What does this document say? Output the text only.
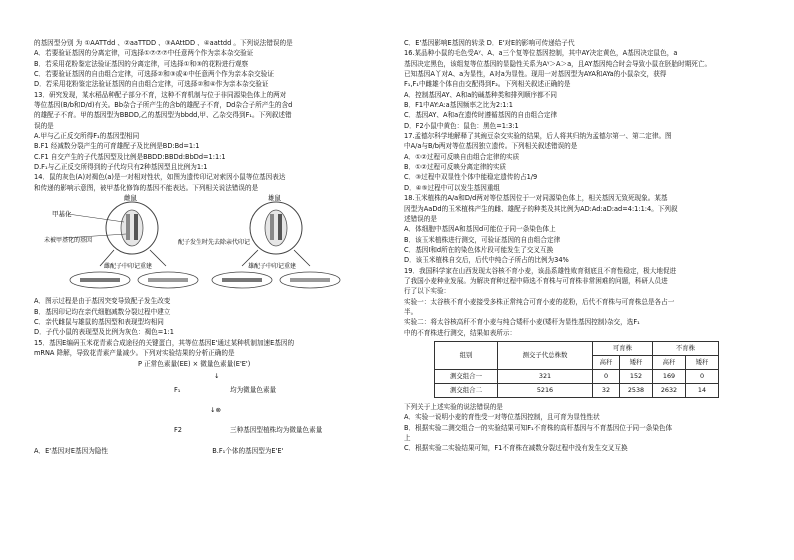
的基因型分别 为 ①AATTdd 、②aaTTDD 、③AAttDD 、④aattdd 。下列说法错误的是

A．若要验证基因的分离定律，可选择①⑦⑦⑦中任意两个作为亲本杂交验证

B．若采用花粉鉴定法验证基因的分离定律，可选择①和③的花粉进行观察

C．若要验证基因的自由组合定律，可选择②和③或④中任意两个作为亲本杂交验证

D．若采用花粉鉴定法验证基因的自由组合定律，可选择②和④作为亲本杂交验证

13．研究发现，某水稻品种配子部分不育，这种不育机制与位于非同源染色体上的两对

等位基因(B/b和D/d)有关。Bb杂合子所产生的含b的雄配子不育，Dd杂合子所产生的含d

的雄配子不育。甲的基因型为BBDD,乙的基因型为bbdd,甲、乙杂交得到F₁。下列叙述错

误的是

A.甲与乙正反交所得F₁的基因型相同

B.F1 经减数分裂产生的可育雄配子及比例是BD:Bd=1:1

C.F1 自交产生的子代基因型及比例是BBDD:BBDd:BbDd=1:1:1

D.F₁与乙正反交所得到的子代均只有2种基因型且比例为1:1

14．鼠的灰色(A)对褐色(a)是一对相对性状，如图为遗传印记对索因小鼠等位基因表达

和传递的影响示意图，被甲基化修饰的基因不能表达。下列相关说法错误的是

甲基化
雌鼠	雄鼠
未被甲基化的基因	配子发生时先去除亲代印记
雌配子中印记重建	雄配子中印记重建

A．图示过程是由于基因突变导致配子发生改变

B．基因印记均在亲代细胞减数分裂过程中建立

C．亲代雌鼠与雄鼠的基因型和表现型均相同

D．子代小鼠的表现型及比例为灰色：褐色=1:1

15．基因E编码玉米花青素合成途径的关键蛋白，其等位基因E'通过某种机制加速E基因的

mRNA 降解，导致花青素产量减少。下列对实验结果的分析正确的是

P 正常色素量(EE) × 微量色素量(E'E')
↓
F₁	均为微量色素量
↓⊗
F2	三种基因型植株均为微量色素量

A．E'基因对E基因为隐性	B.F₁个体的基因型为E'E'

C．E'基因影响E基因的转录 D．E'对E的影响可传递给子代

16.某品种小鼠的毛色受Aᵞ、A、a三个复等位基因控制，其中AY决定黄色，A基因决定鼠色，a

基因决定黑色，该组复等位基因的显隐性关系为Aᵞ＞A＞a，且AY基因纯合时会导致小鼠在胚胎时期死亡。

已知基因A丫对A、a为显性，A对a为显性。现用一对基因型为AYA和AYa的小鼠杂交，获得

F₁,F₁中雌雄个体自由交配得到F₂。下列相关叙述正确的是

A．控制基因AY、A和a的碱基种类和排列顺序都不同

B．F1中AY:A:a基因频率之比为2:1:1

C．基因AY、A和a在遗传时遵循基因的自由组合定律

D．F2小鼠中黄色：鼠色：黑色=1:3:1

17.孟德尔科学地解释了其豌豆杂交实验的结果，后人将其归纳为孟德尔第一、第二定律。图

中A/a与B/b两对等位基因独立遗传。下列相关叙述错误的是

A．①②过程可反映自由组合定律的实质

B．①②过程可反映分离定律的实质

C．③过程中双显性个体中能稳定遗传的占1/9

D．④⑤过程中可以发生基因重组

18.玉米植株的A/a和D/d两对等位基因位于一对同源染色体上，相关基因无致死现象。某基

因型为AaDd的玉米植株产生的雌、雄配子的种类及其比例为AD:Ad:aD:ad=4:1:1:4。下列叙

述错误的是

A．体细胞中基因A和基因d可能位于同一条染色体上

B．该玉米植株进行测交，可验证基因的自由组合定律

C．基因I和d所在的染色体片段可能发生了交叉互换

D．该玉米植株自交后，后代中纯合子所占的比例为34%

19．我国科学家在山西发现太谷核不育小麦，该品系雄性败育彻底且不育性稳定，极大地促进

了我国小麦种业发展。为解决育种过程中筛选不育株与可育株非常困难的问题，科研人员进

行了以下实验：

实验一：太谷核不育小麦接受多株正常纯合可育小麦的花粉，后代不育株与可育株总是各占一

半。

实验二：将太谷核高秆不育小麦与纯合矮秆小麦(矮秆为显性基因控制)杂交，选F₁

中的不育株进行测交，结果如表所示：

组别	测交子代总株数	可育株		不育株	
		高秆	矮秆	高秆	矮秆
测交组合一	321	0	152	169	0
测交组合二	5216	32	2538	2632	14

下列关于上述实验的说法错误的是

A．实验一说明小麦的育性受一对等位基因控制，且可育为显性性状

B．根据实验二测交组合一的实验结果可知F₁不育株的高秆基因与不育基因位于同一条染色体

上

C．根据实验二实验结果可知，F1不育株在减数分裂过程中没有发生交叉互换
